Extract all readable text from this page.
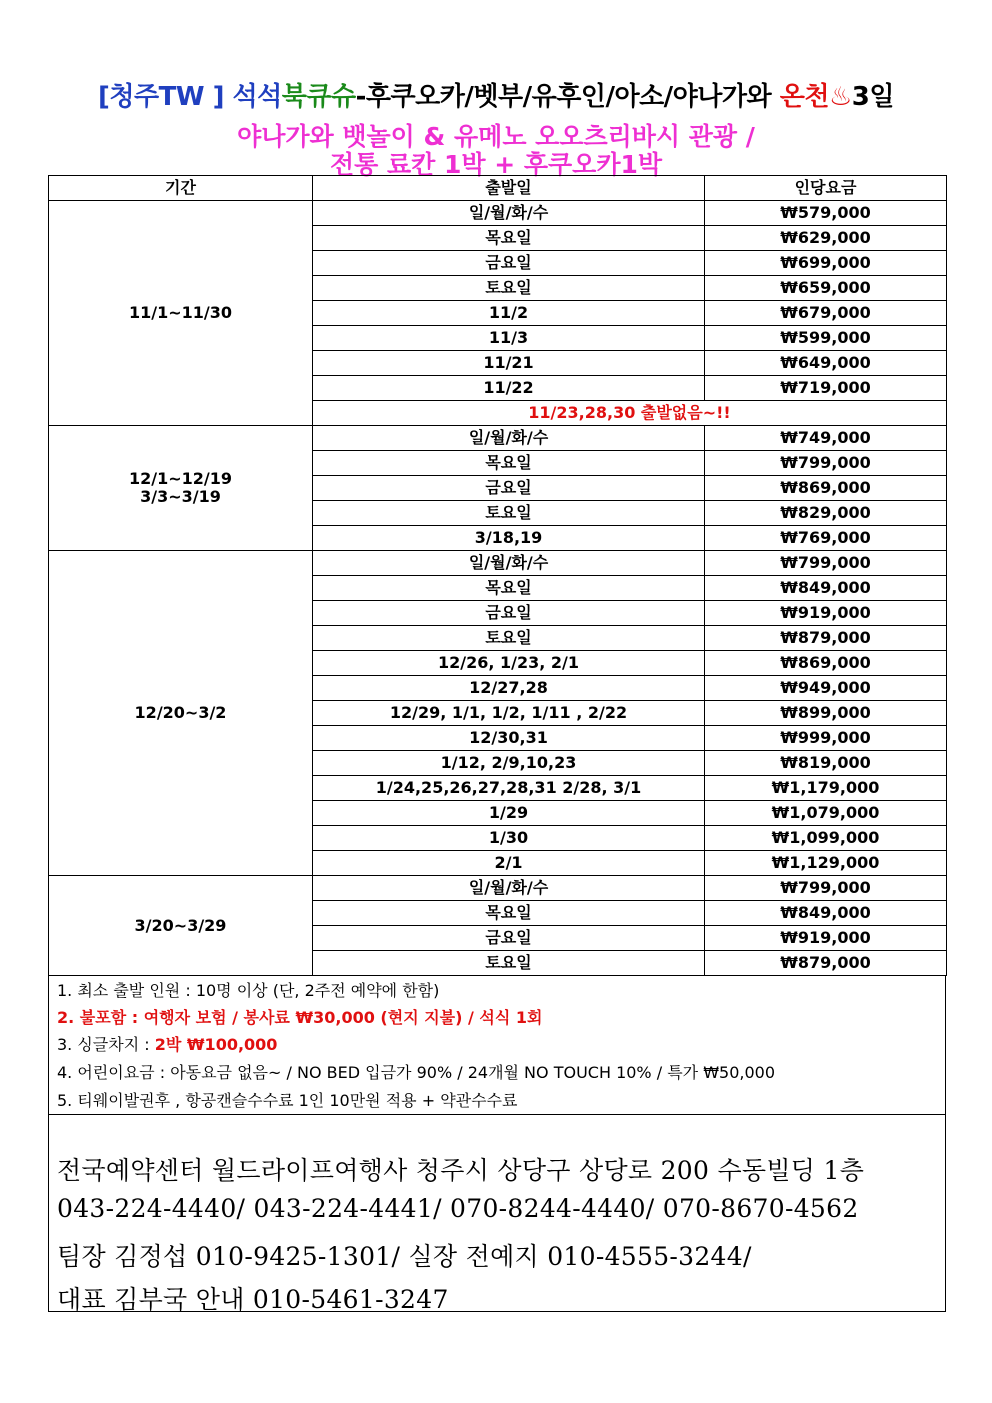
[청주TW ] 석석북큐슈-후쿠오카/벳부/유후인/아소/야나가와 온천♨3일
야나가와 뱃놀이 & 유메노 오오츠리바시 관광 /
전통 료칸 1박 + 후쿠오카1박
기간	출발일	인당요금

11/1~11/30	일/월/화/수	₩579,000
	목요일	₩629,000
	금요일	₩699,000
	토요일	₩659,000
	11/2	₩679,000
	11/3	₩599,000
	11/21	₩649,000
	11/22	₩719,000
	11/23,28,30 출발없음~!!	

12/1~12/19
3/3~3/19	일/월/화/수	₩749,000
	목요일	₩799,000
	금요일	₩869,000
	토요일	₩829,000
	3/18,19	₩769,000

12/20~3/2	일/월/화/수	₩799,000
	목요일	₩849,000
	금요일	₩919,000
	토요일	₩879,000
	12/26, 1/23, 2/1	₩869,000
	12/27,28	₩949,000
	12/29, 1/1, 1/2, 1/11 , 2/22	₩899,000
	12/30,31	₩999,000
	1/12, 2/9,10,23	₩819,000
	1/24,25,26,27,28,31 2/28, 3/1	₩1,179,000
	1/29	₩1,079,000
	1/30	₩1,099,000
	2/1	₩1,129,000

3/20~3/29	일/월/화/수	₩799,000
	목요일	₩849,000
	금요일	₩919,000
	토요일	₩879,000
1. 최소 출발 인원 : 10명 이상 (단, 2주전 예약에 한함)
2. 불포함 : 여행자 보험 / 봉사료 ₩30,000 (현지 지불) / 석식 1회
3. 싱글차지 : 2박 ₩100,000
4. 어린이요금 : 아동요금 없음~ / NO BED 입금가 90% / 24개월 NO TOUCH 10% / 특가 ₩50,000
5. 티웨이발권후 , 항공캔슬수수료 1인 10만원 적용 + 약관수수료
전국예약센터 월드라이프여행사 청주시 상당구 상당로 200 수동빌딩 1층
043-224-4440/ 043-224-4441/ 070-8244-4440/ 070-8670-4562
팀장 김정섭 010-9425-1301/ 실장 전예지 010-4555-3244/
대표 김부국 안내 010-5461-3247
